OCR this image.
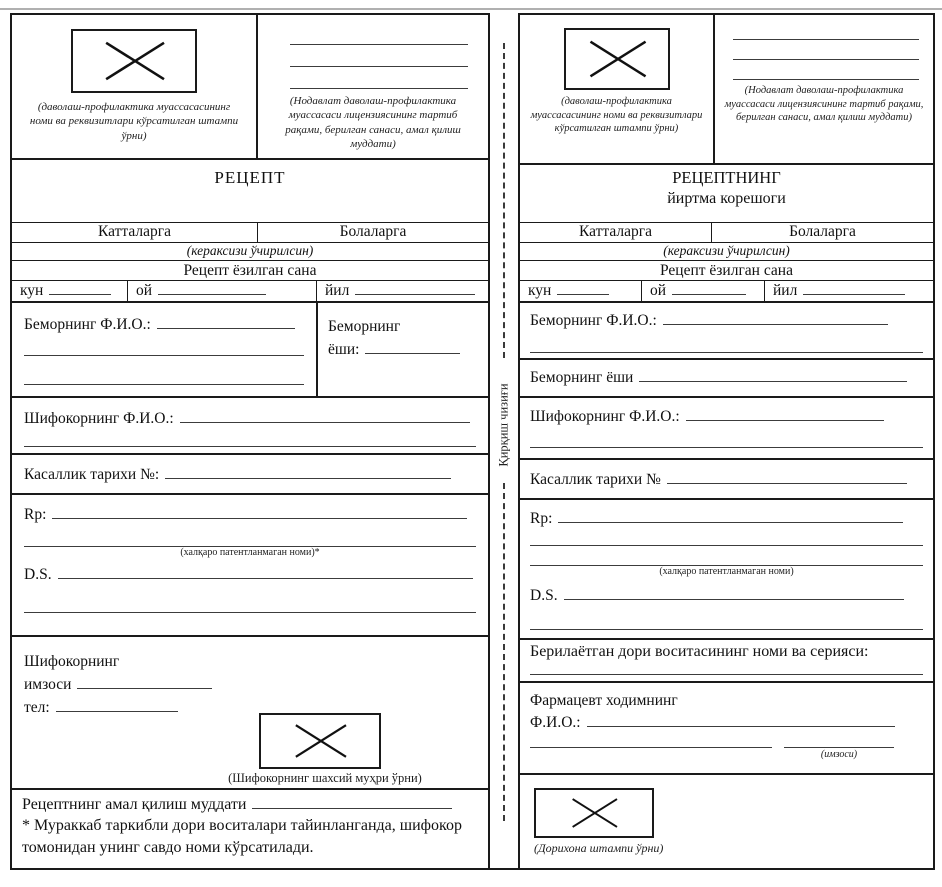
(даволаш-профилактика муассасасининг номи ва реквизитлари кўрсатилган штампи ўрни)
(Нодавлат даволаш-профилактика муассасаси лицензиясининг тартиб рақами, берилган санаси, амал қилиш муддати)
РЕЦЕПТ
Катталарга	Болаларга
(кераксизи ўчирилсин)
Рецепт ёзилган сана
кун	ой	йил
Беморнинг Ф.И.О.:	Беморнинг
ёши:
Шифокорнинг Ф.И.О.:
Касаллик тарихи №:
Rp:
(халқаро патентланмаган номи)*
D.S.
Шифокорнинг
имзоси
тел:
(Шифокорнинг шахсий муҳри ўрни)
Рецептнинг амал қилиш муддати
* Мураккаб таркибли дори воситалари тайинланганда, шифокор томонидан унинг савдо номи кўрсатилади.
Қирқиш чизиғи
(даволаш-профилактика муассасасининг номи ва реквизитлари кўрсатилган штампи ўрни)
(Нодавлат даволаш-профилактика муассасаси лицензиясининг тартиб рақами, берилган санаси, амал қилиш муддати)
РЕЦЕПТНИНГ
йиртма корешоги
Катталарга	Болаларга
(кераксизи ўчирилсин)
Рецепт ёзилган сана
кун	ой	йил
Беморнинг Ф.И.О.:
Беморнинг ёши
Шифокорнинг Ф.И.О.:
Касаллик тарихи №
Rp:
(халқаро патентланмаган номи)
D.S.
Берилаётган дори воситасининг номи ва серияси:
Фармацевт ходимнинг
Ф.И.О.:
(имзоси)
(Дорихона штампи ўрни)
